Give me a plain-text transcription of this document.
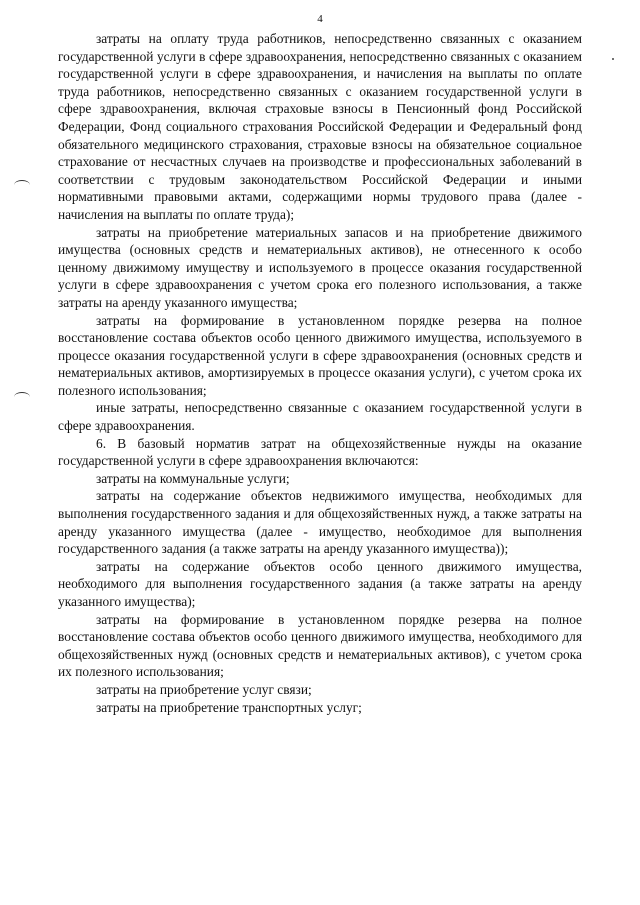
4

затраты на оплату труда работников, непосредственно связанных с оказанием государственной услуги в сфере здравоохранения, непосредственно связанных с оказанием государственной услуги в сфере здравоохранения, и начисления на выплаты по оплате труда работников, непосредственно связанных с оказанием государственной услуги в сфере здравоохранения, включая страховые взносы в Пенсионный фонд Российской Федерации, Фонд социального страхования Российской Федерации и Федеральный фонд обязательного медицинского страхования, страховые взносы на обязательное социальное страхование от несчастных случаев на производстве и профессиональных заболеваний в соответствии с трудовым законодательством Российской Федерации и иными нормативными правовыми актами, содержащими нормы трудового права (далее - начисления на выплаты по оплате труда);

затраты на приобретение материальных запасов и на приобретение движимого имущества (основных средств и нематериальных активов), не отнесенного к особо ценному движимому имуществу и используемого в процессе оказания государственной услуги в сфере здравоохранения с учетом срока его полезного использования, а также затраты на аренду указанного имущества;

затраты на формирование в установленном порядке резерва на полное восстановление состава объектов особо ценного движимого имущества, используемого в процессе оказания государственной услуги в сфере здравоохранения (основных средств и нематериальных активов, амортизируемых в процессе оказания услуги), с учетом срока их полезного использования;

иные затраты, непосредственно связанные с оказанием государственной услуги в сфере здравоохранения.

6. В базовый норматив затрат на общехозяйственные нужды на оказание государственной услуги в сфере здравоохранения включаются:

затраты на коммунальные услуги;

затраты на содержание объектов недвижимого имущества, необходимых для выполнения государственного задания и для общехозяйственных нужд, а также затраты на аренду указанного имущества (далее - имущество, необходимое для выполнения государственного задания (а также затраты на аренду указанного имущества));

затраты на содержание объектов особо ценного движимого имущества, необходимого для выполнения государственного задания (а также затраты на аренду указанного имущества);

затраты на формирование в установленном порядке резерва на полное восстановление состава объектов особо ценного движимого имущества, необходимого для общехозяйственных нужд (основных средств и нематериальных активов), с учетом срока их полезного использования;

затраты на приобретение услуг связи;

затраты на приобретение транспортных услуг;
